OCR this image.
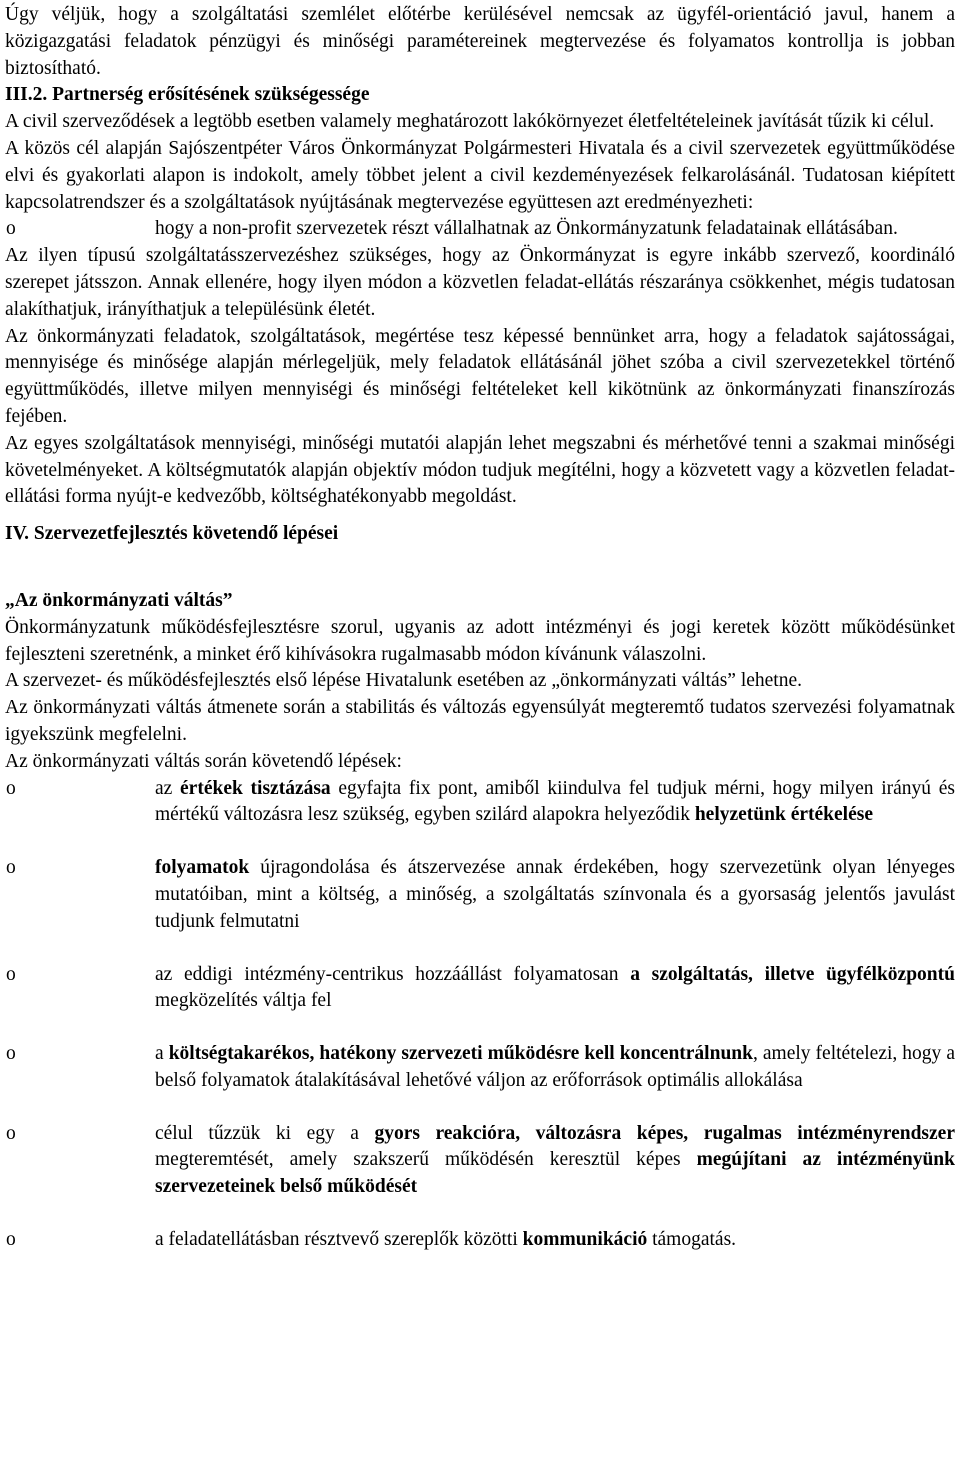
Úgy véljük, hogy a szolgáltatási szemlélet előtérbe kerülésével nemcsak az ügyfél-orientáció javul, hanem a közigazgatási feladatok pénzügyi és minőségi paramétereinek megtervezése és folyamatos kontrollja is jobban biztosítható.

III.2. Partnerség erősítésének szükségessége

A civil szerveződések a legtöbb esetben valamely meghatározott lakókörnyezet életfeltételeinek javítását tűzik ki célul.

A közös cél alapján Sajószentpéter Város Önkormányzat Polgármesteri Hivatala és a civil szervezetek együttműködése elvi és gyakorlati alapon is indokolt, amely többet jelent a civil kezdeményezések felkarolásánál. Tudatosan kiépített kapcsolatrendszer és a szolgáltatások nyújtásának megtervezése együttesen azt eredményezheti:

o	hogy a non-profit szervezetek részt vállalhatnak az Önkormányzatunk feladatainak ellátásában.

Az ilyen típusú szolgáltatásszervezéshez szükséges, hogy az Önkormányzat is egyre inkább szervező, koordináló szerepet játsszon. Annak ellenére, hogy ilyen módon a közvetlen feladat-ellátás részaránya csökkenhet, mégis tudatosan alakíthatjuk, irányíthatjuk a településünk életét.

Az önkormányzati feladatok, szolgáltatások, megértése tesz képessé bennünket arra, hogy a feladatok sajátosságai, mennyisége és minősége alapján mérlegeljük, mely feladatok ellátásánál jöhet szóba a civil szervezetekkel történő együttműködés, illetve milyen mennyiségi és minőségi feltételeket kell kikötnünk az önkormányzati finanszírozás fejében.

Az egyes szolgáltatások mennyiségi, minőségi mutatói alapján lehet megszabni és mérhetővé tenni a szakmai minőségi követelményeket. A költségmutatók alapján objektív módon tudjuk megítélni, hogy a közvetett vagy a közvetlen feladat-ellátási forma nyújt-e kedvezőbb, költséghatékonyabb megoldást.

IV. Szervezetfejlesztés követendő lépései

„Az önkormányzati váltás”

Önkormányzatunk működésfejlesztésre szorul, ugyanis az adott intézményi és jogi keretek között működésünket fejleszteni szeretnénk, a minket érő kihívásokra rugalmasabb módon kívánunk válaszolni.

A szervezet- és működésfejlesztés első lépése Hivatalunk esetében az „önkormányzati váltás” lehetne.

Az önkormányzati váltás átmenete során a stabilitás és változás egyensúlyát megteremtő tudatos szervezési folyamatnak igyekszünk megfelelni.

Az önkormányzati váltás során követendő lépések:

o	az értékek tisztázása egyfajta fix pont, amiből kiindulva fel tudjuk mérni, hogy milyen irányú és mértékű változásra lesz szükség, egyben szilárd alapokra helyeződik helyzetünk értékelése
o	folyamatok újragondolása és átszervezése annak érdekében, hogy szervezetünk olyan lényeges mutatóiban, mint a költség, a minőség, a szolgáltatás színvonala és a gyorsaság jelentős javulást tudjunk felmutatni
o	az eddigi intézmény-centrikus hozzáállást folyamatosan a szolgáltatás, illetve ügyfélközpontú megközelítés váltja fel
o	a költségtakarékos, hatékony szervezeti működésre kell koncentrálnunk, amely feltételezi, hogy a belső folyamatok átalakításával lehetővé váljon az erőforrások optimális allokálása
o	célul tűzzük ki egy a gyors reakcióra, változásra képes, rugalmas intézményrendszer megteremtését, amely szakszerű működésén keresztül képes megújítani az intézményünk szervezeteinek belső működését
o	a feladatellátásban résztvevő szereplők közötti kommunikáció támogatás.
